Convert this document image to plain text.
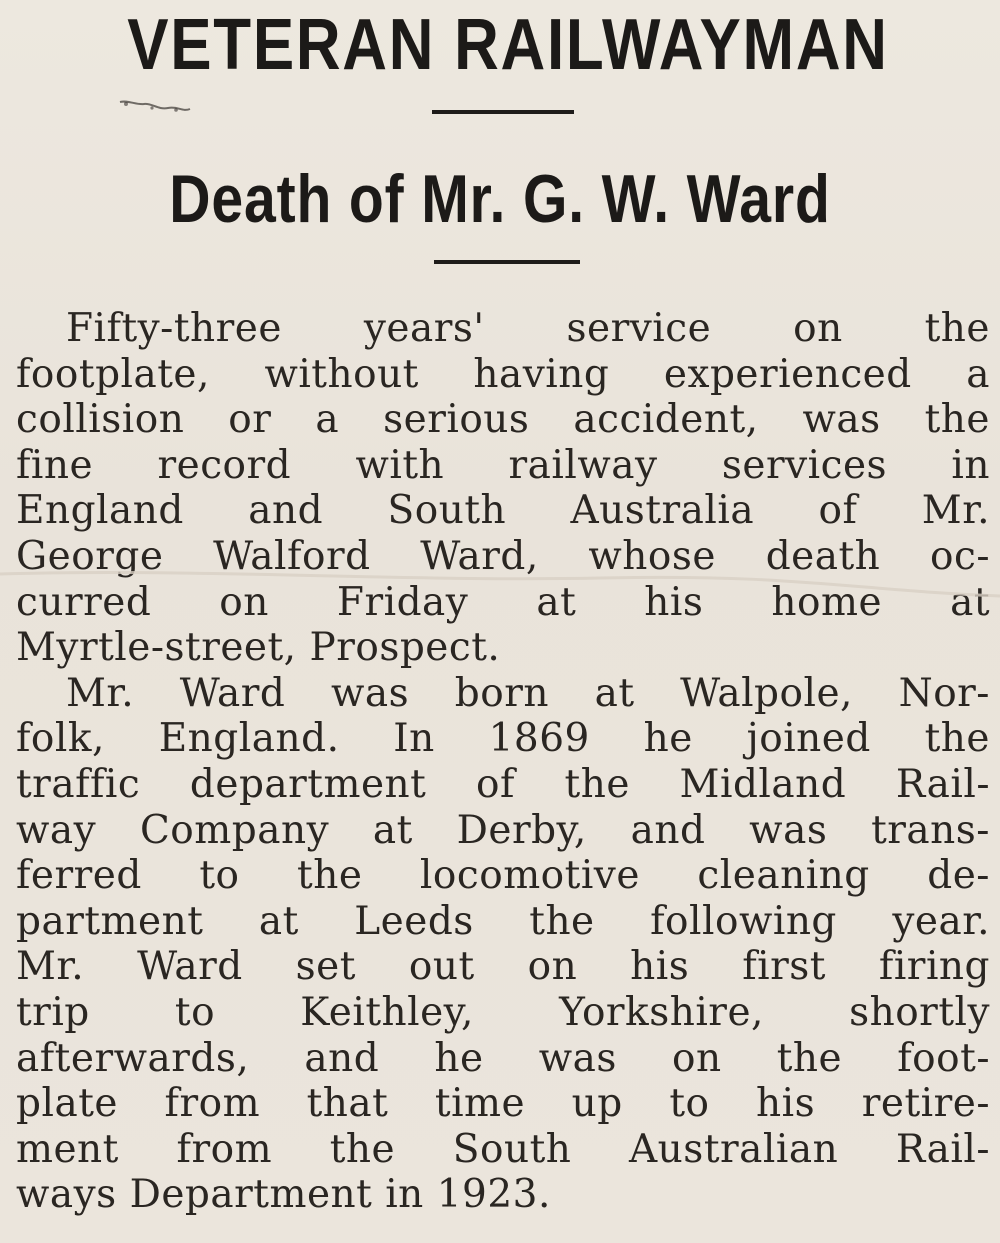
VETERAN RAILWAYMAN
Death of Mr. G. W. Ward
Fifty-three years' service on the
footplate, without having experienced a
collision or a serious accident, was the
fine record with railway services in
England and South Australia of Mr.
George Walford Ward, whose death oc-
curred on Friday at his home at
Myrtle-street, Prospect.
Mr. Ward was born at Walpole, Nor-
folk, England. In 1869 he joined the
traffic department of the Midland Rail-
way Company at Derby, and was trans-
ferred to the locomotive cleaning de-
partment at Leeds the following year.
Mr. Ward set out on his first firing
trip to Keithley, Yorkshire, shortly
afterwards, and he was on the foot-
plate from that time up to his retire-
ment from the South Australian Rail-
ways Department in 1923.
